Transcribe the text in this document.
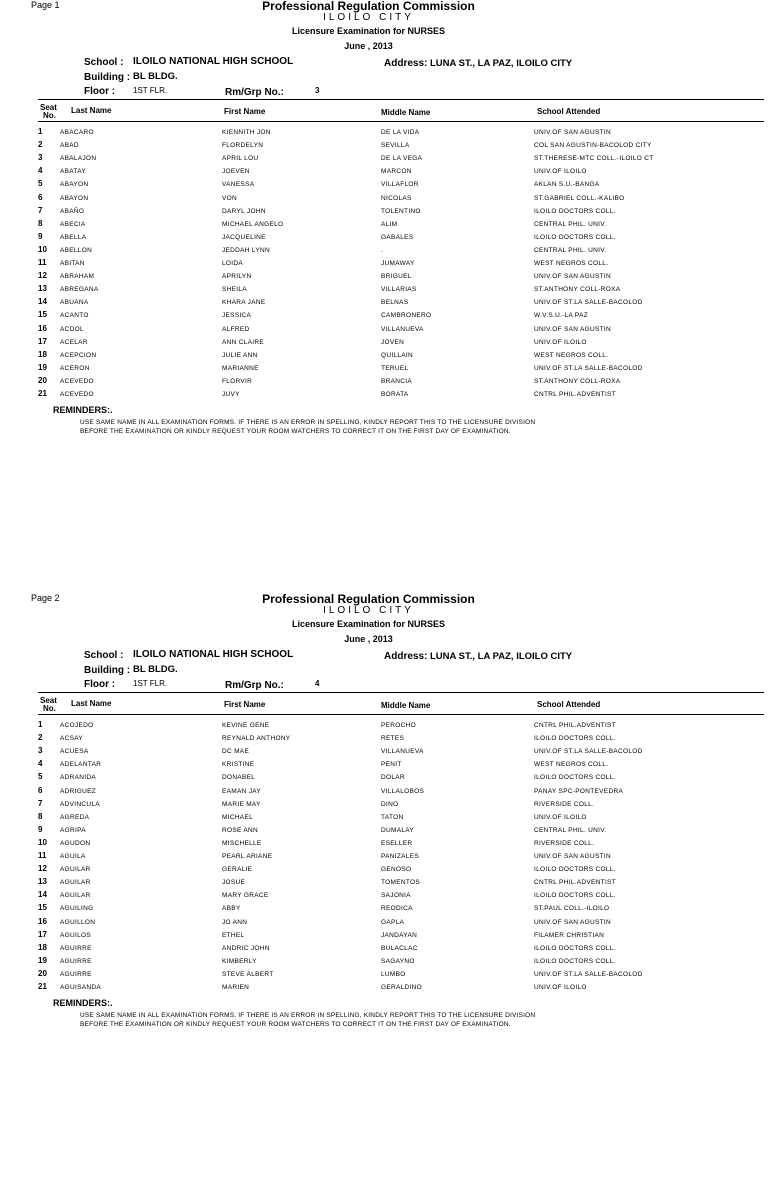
Page 1	Professional Regulation Commission
ILOILO CITY
Licensure Examination for NURSES
June , 2013
School : ILOILO NATIONAL HIGH SCHOOL	Address: LUNA ST., LA PAZ, ILOILO CITY
Building : BL BLDG.
Floor : 1ST FLR.	Rm/Grp No.:	3
Seat
No.
Last Name	First Name	Middle Name	School Attended
1	ABACARO	KIENNITH JON	DE LA VIDA	UNIV.OF SAN AGUSTIN
2	ABAD	FLORDELYN	SEVILLA	COL SAN AGUSTIN-BACOLOD CITY
3	ABALAJON	APRIL LOU	DE LA VEGA	ST.THERESE-MTC COLL.-ILOILO CT
4	ABATAY	JOEVEN	MARCON	UNIV.OF ILOILO
5	ABAYON	VANESSA	VILLAFLOR	AKLAN S.U.-BANGA
6	ABAYON	VON	NICOLAS	ST.GABRIEL COLL.-KALIBO
7	ABAÑO	DARYL JOHN	TOLENTINO	ILOILO DOCTORS COLL.
8	ABECIA	MICHAEL ANGELO	ALIM	CENTRAL PHIL. UNIV.
9	ABELLA	JACQUELINE	GABALES	ILOILO DOCTORS COLL.
10 ABELLON	JEDDAH LYNN	.	CENTRAL PHIL. UNIV.
11 ABITAN	LOIDA	JUMAWAY	WEST NEGROS COLL.
12 ABRAHAM	APRILYN	BRIGUEL	UNIV.OF SAN AGUSTIN
13 ABREGANA	SHEILA	VILLARIAS	ST.ANTHONY COLL-ROXA
14 ABUANA	KHARA JANE	BELNAS	UNIV.OF ST.LA SALLE-BACOLOD
15 ACANTO	JESSICA	CAMBRONERO	W.V.S.U.-LA PAZ
16 ACDOL	ALFRED	VILLANUEVA	UNIV.OF SAN AGUSTIN
17 ACELAR	ANN CLAIRE	JOVEN	UNIV.OF ILOILO
18 ACEPCION	JULIE ANN	QUILLAIN	WEST NEGROS COLL.
19 ACERON	MARIANNE	TERUEL	UNIV.OF ST.LA SALLE-BACOLOD
20 ACEVEDO	FLORVIR	BRANCIA	ST.ANTHONY COLL-ROXA
21 ACEVEDO	JUVY	BORATA	CNTRL PHIL.ADVENTIST
REMINDERS:.
USE SAME NAME IN ALL EXAMINATION FORMS. IF THERE IS AN ERROR IN SPELLING, KINDLY REPORT THIS TO THE LICENSURE DIVISION
BEFORE THE EXAMINATION OR KINDLY REQUEST YOUR ROOM WATCHERS TO CORRECT IT ON THE FIRST DAY OF EXAMINATION.
Page 2	Professional Regulation Commission
ILOILO CITY
Licensure Examination for NURSES
June , 2013
School : ILOILO NATIONAL HIGH SCHOOL	Address: LUNA ST., LA PAZ, ILOILO CITY
Building : BL BLDG.
Floor : 1ST FLR.	Rm/Grp No.:	4
Seat
No.
Last Name	First Name	Middle Name	School Attended
1	ACOJEDO	KEVINE GENE	PEROCHO	CNTRL PHIL.ADVENTIST
2	ACSAY	REYNALD ANTHONY	RETES	ILOILO DOCTORS COLL.
3	ACUESA	DC MAE	VILLANUEVA	UNIV.OF ST.LA SALLE-BACOLOD
4	ADELANTAR	KRISTINE	PENIT	WEST NEGROS COLL.
5	ADRANIDA	DONABEL	DOLAR	ILOILO DOCTORS COLL.
6	ADRIGUEZ	EAMAN JAY	VILLALOBOS	PANAY SPC-PONTEVEDRA
7	ADVINCULA	MARIE MAY	DINO	RIVERSIDE COLL.
8	AGREDA	MICHAEL	TATON	UNIV.OF ILOILO
9	AGRIPA	ROSE ANN	DUMALAY	CENTRAL PHIL. UNIV.
10 AGUDON	MISCHELLE	ESELLER	RIVERSIDE COLL.
11 AGUILA	PEARL ARIANE	PANIZALES	UNIV.OF SAN AGUSTIN
12 AGUILAR	GERALIE	GENOSO	ILOILO DOCTORS COLL.
13 AGUILAR	JOSUE	TOMENTOS	CNTRL PHIL.ADVENTIST
14 AGUILAR	MARY GRACE	SAJONIA	ILOILO DOCTORS COLL.
15 AGUILING	ABBY	REODICA	ST.PAUL COLL.-ILOILO
16 AGUILLON	JO ANN	GAPLA	UNIV.OF SAN AGUSTIN
17 AGUILOS	ETHEL	JANDAYAN	FILAMER CHRISTIAN
18 AGUIRRE	ANDRIC JOHN	BULACLAC	ILOILO DOCTORS COLL.
19 AGUIRRE	KIMBERLY	SAGAYNO	ILOILO DOCTORS COLL.
20 AGUIRRE	STEVE ALBERT	LUMBO	UNIV.OF ST.LA SALLE-BACOLOD
21 AGUISANDA	MARIEN	GERALDINO	UNIV.OF ILOILO
REMINDERS:.
USE SAME NAME IN ALL EXAMINATION FORMS. IF THERE IS AN ERROR IN SPELLING, KINDLY REPORT THIS TO THE LICENSURE DIVISION
BEFORE THE EXAMINATION OR KINDLY REQUEST YOUR ROOM WATCHERS TO CORRECT IT ON THE FIRST DAY OF EXAMINATION.
